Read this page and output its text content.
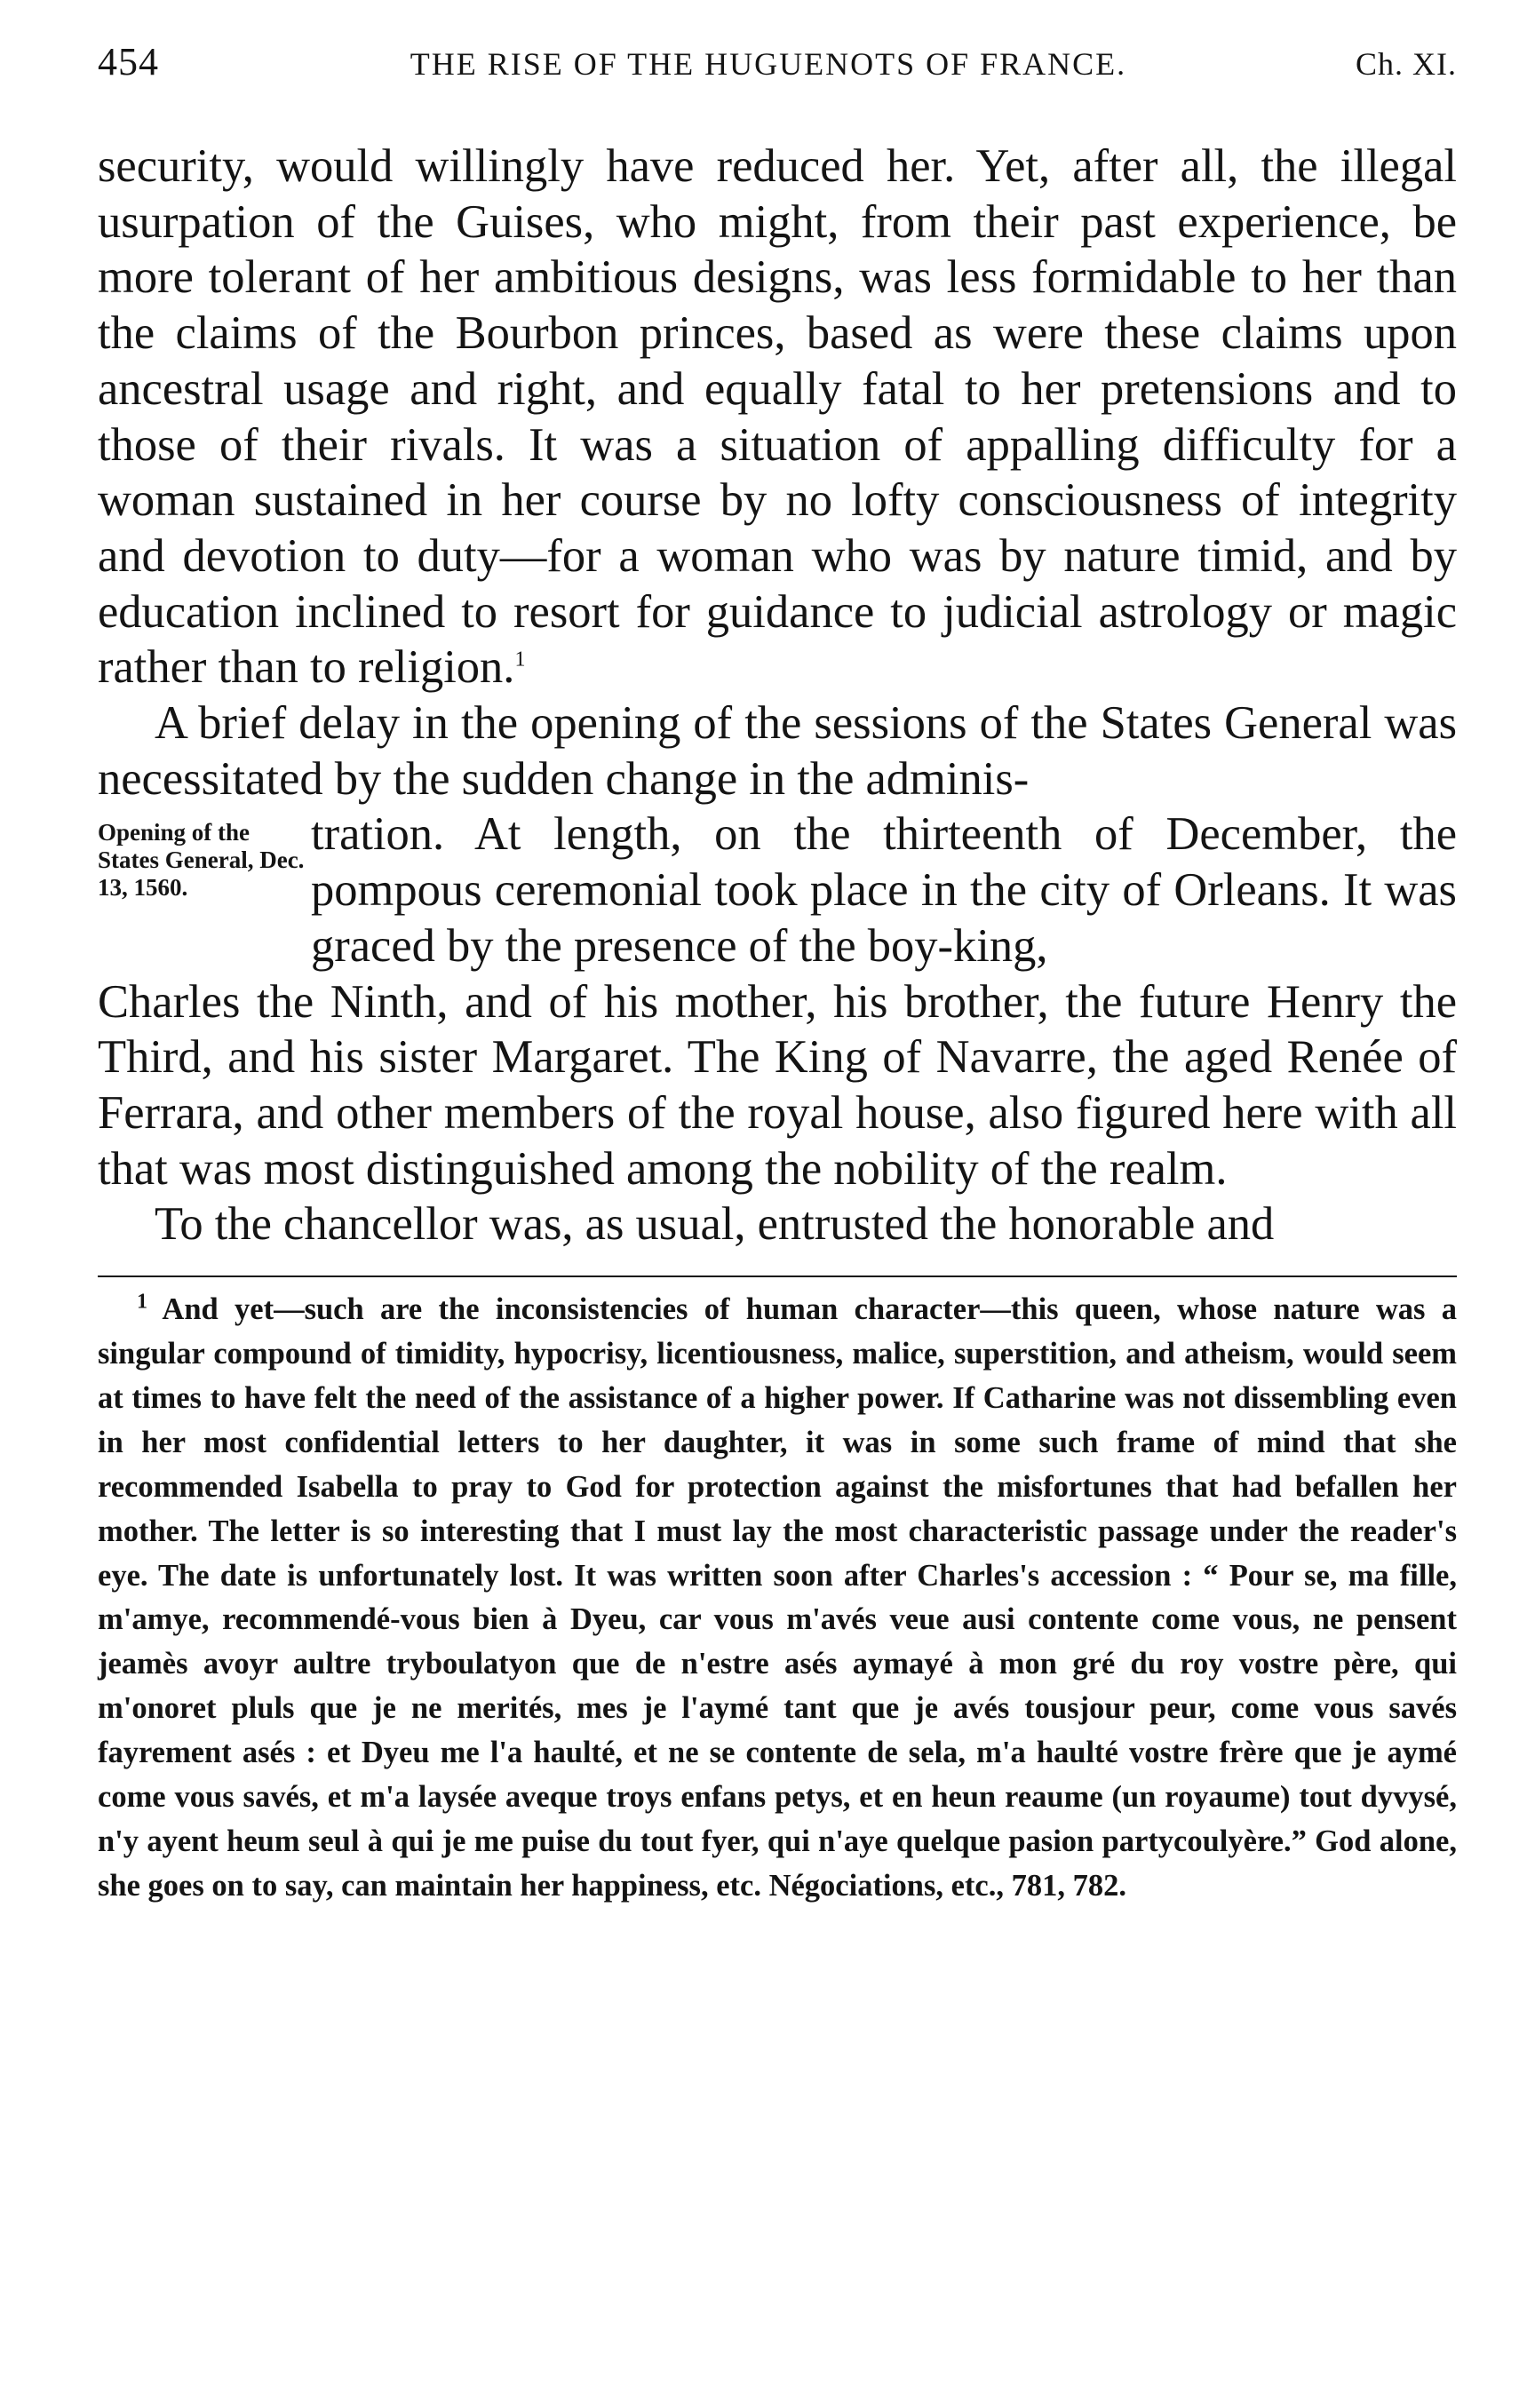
454	THE RISE OF THE HUGUENOTS OF FRANCE.	Ch. XI.

security, would willingly have reduced her. Yet, after all, the illegal usurpation of the Guises, who might, from their past experience, be more tolerant of her ambitious designs, was less formidable to her than the claims of the Bourbon princes, based as were these claims upon ancestral usage and right, and equally fatal to her pretensions and to those of their rivals. It was a situation of appalling difficulty for a woman sustained in her course by no lofty consciousness of integrity and devotion to duty—for a woman who was by nature timid, and by education inclined to resort for guidance to judicial astrology or magic rather than to religion.$^1$

A brief delay in the opening of the sessions of the States General was necessitated by the sudden change in the adminis-

Opening of the States General, Dec. 13, 1560.
tration. At length, on the thirteenth of December, the pompous ceremonial took place in the city of Orleans. It was graced by the presence of the boy-king,

Charles the Ninth, and of his mother, his brother, the future Henry the Third, and his sister Margaret. The King of Navarre, the aged Renée of Ferrara, and other members of the royal house, also figured here with all that was most distinguished among the nobility of the realm.

To the chancellor was, as usual, entrusted the honorable and

$^1$ And yet—such are the inconsistencies of human character—this queen, whose nature was a singular compound of timidity, hypocrisy, licentiousness, malice, superstition, and atheism, would seem at times to have felt the need of the assistance of a higher power. If Catharine was not dissembling even in her most confidential letters to her daughter, it was in some such frame of mind that she recommended Isabella to pray to God for protection against the misfortunes that had befallen her mother. The letter is so interesting that I must lay the most characteristic passage under the reader's eye. The date is unfortunately lost. It was written soon after Charles's accession : “ Pour se, ma fille, m'amye, recommendé-vous bien à Dyeu, car vous m'avés veue ausi contente come vous, ne pensent jeamès avoyr aultre tryboulatyon que de n'estre asés aymayé à mon gré du roy vostre père, qui m'onoret pluls que je ne merités, mes je l'aymé tant que je avés tousjour peur, come vous savés fayrement asés : et Dyeu me l'a haulté, et ne se contente de sela, m'a haulté vostre frère que je aymé come vous savés, et m'a laysée aveque troys enfans petys, et en heun reaume (un royaume) tout dyvysé, n'y ayent heum seul à qui je me puise du tout fyer, qui n'aye quelque pasion partycoulyère.” God alone, she goes on to say, can maintain her happiness, etc. Négociations, etc., 781, 782.
